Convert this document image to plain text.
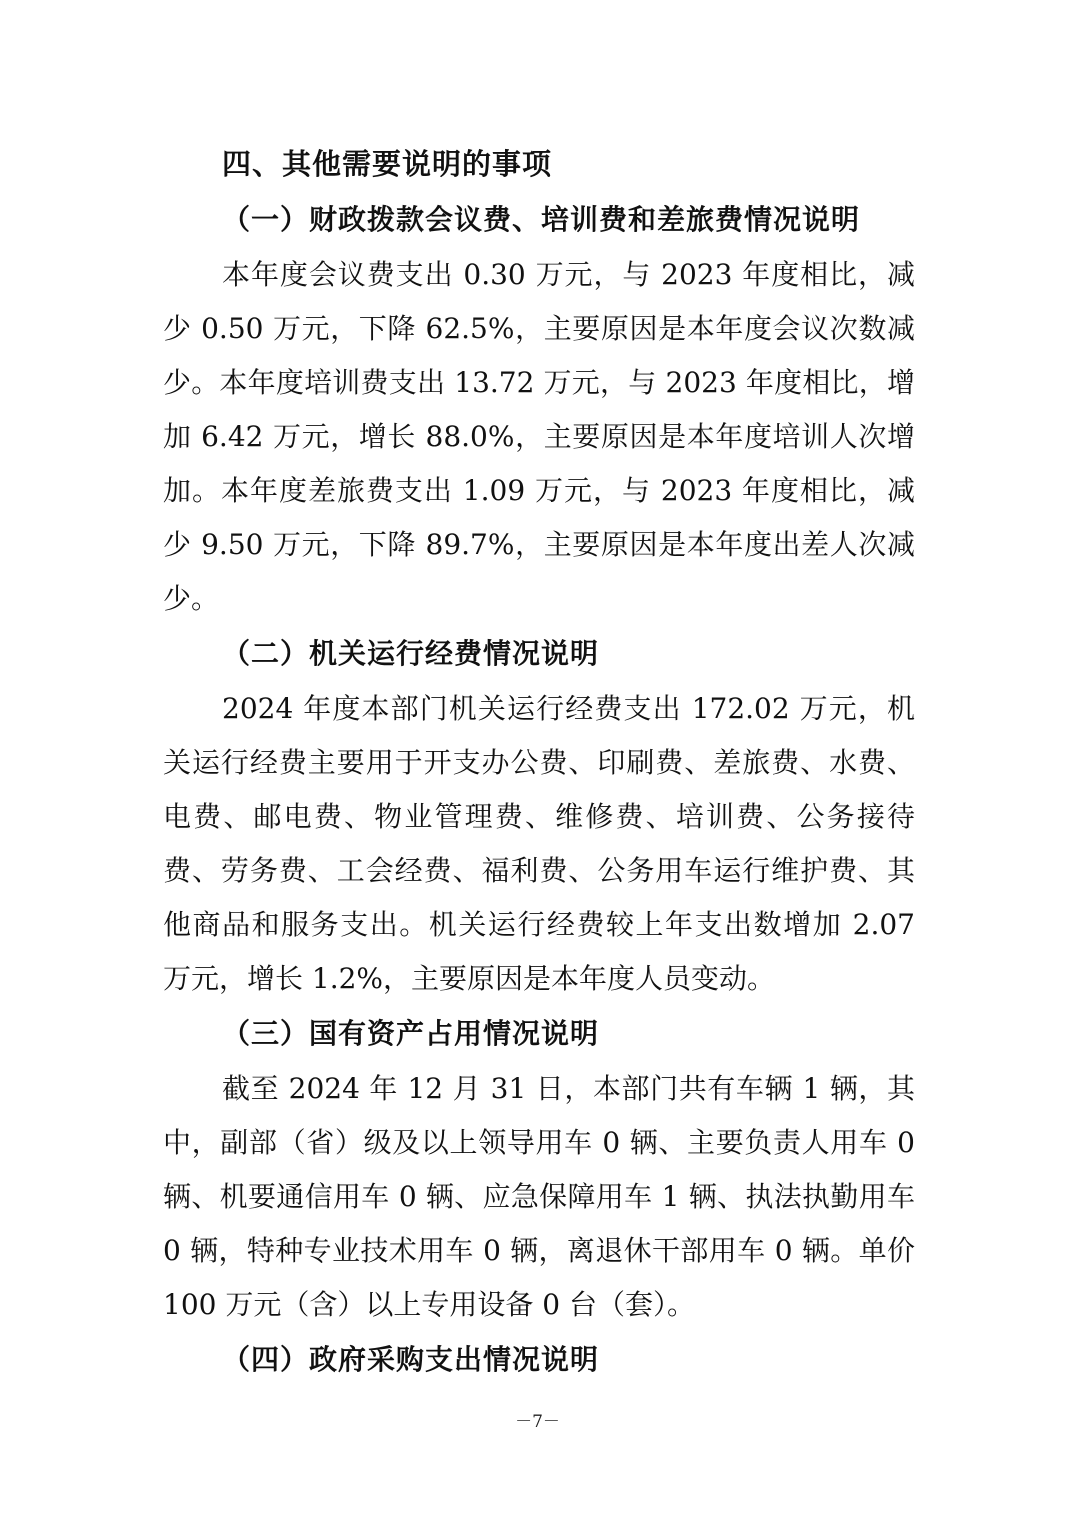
四、其他需要说明的事项
（一）财政拨款会议费、培训费和差旅费情况说明

本年度会议费支出 0.30 万元，与 2023 年度相比，减少 0.50 万元，下降 62.5%，主要原因是本年度会议次数减少。本年度培训费支出 13.72 万元，与 2023 年度相比，增加 6.42 万元，增长 88.0%，主要原因是本年度培训人次增加。本年度差旅费支出 1.09 万元，与 2023 年度相比，减少 9.50 万元，下降 89.7%，主要原因是本年度出差人次减少。

（二）机关运行经费情况说明

2024 年度本部门机关运行经费支出 172.02 万元，机关运行经费主要用于开支办公费、印刷费、差旅费、水费、电费、邮电费、物业管理费、维修费、培训费、公务接待费、劳务费、工会经费、福利费、公务用车运行维护费、其他商品和服务支出。机关运行经费较上年支出数增加 2.07 万元，增长 1.2%，主要原因是本年度人员变动。

（三）国有资产占用情况说明

截至 2024 年 12 月 31 日，本部门共有车辆 1 辆，其中，副部（省）级及以上领导用车 0 辆、主要负责人用车 0 辆、机要通信用车 0 辆、应急保障用车 1 辆、执法执勤用车 0 辆，特种专业技术用车 0 辆，离退休干部用车 0 辆。单价 100 万元（含）以上专用设备 0 台（套）。

（四）政府采购支出情况说明
－7－
